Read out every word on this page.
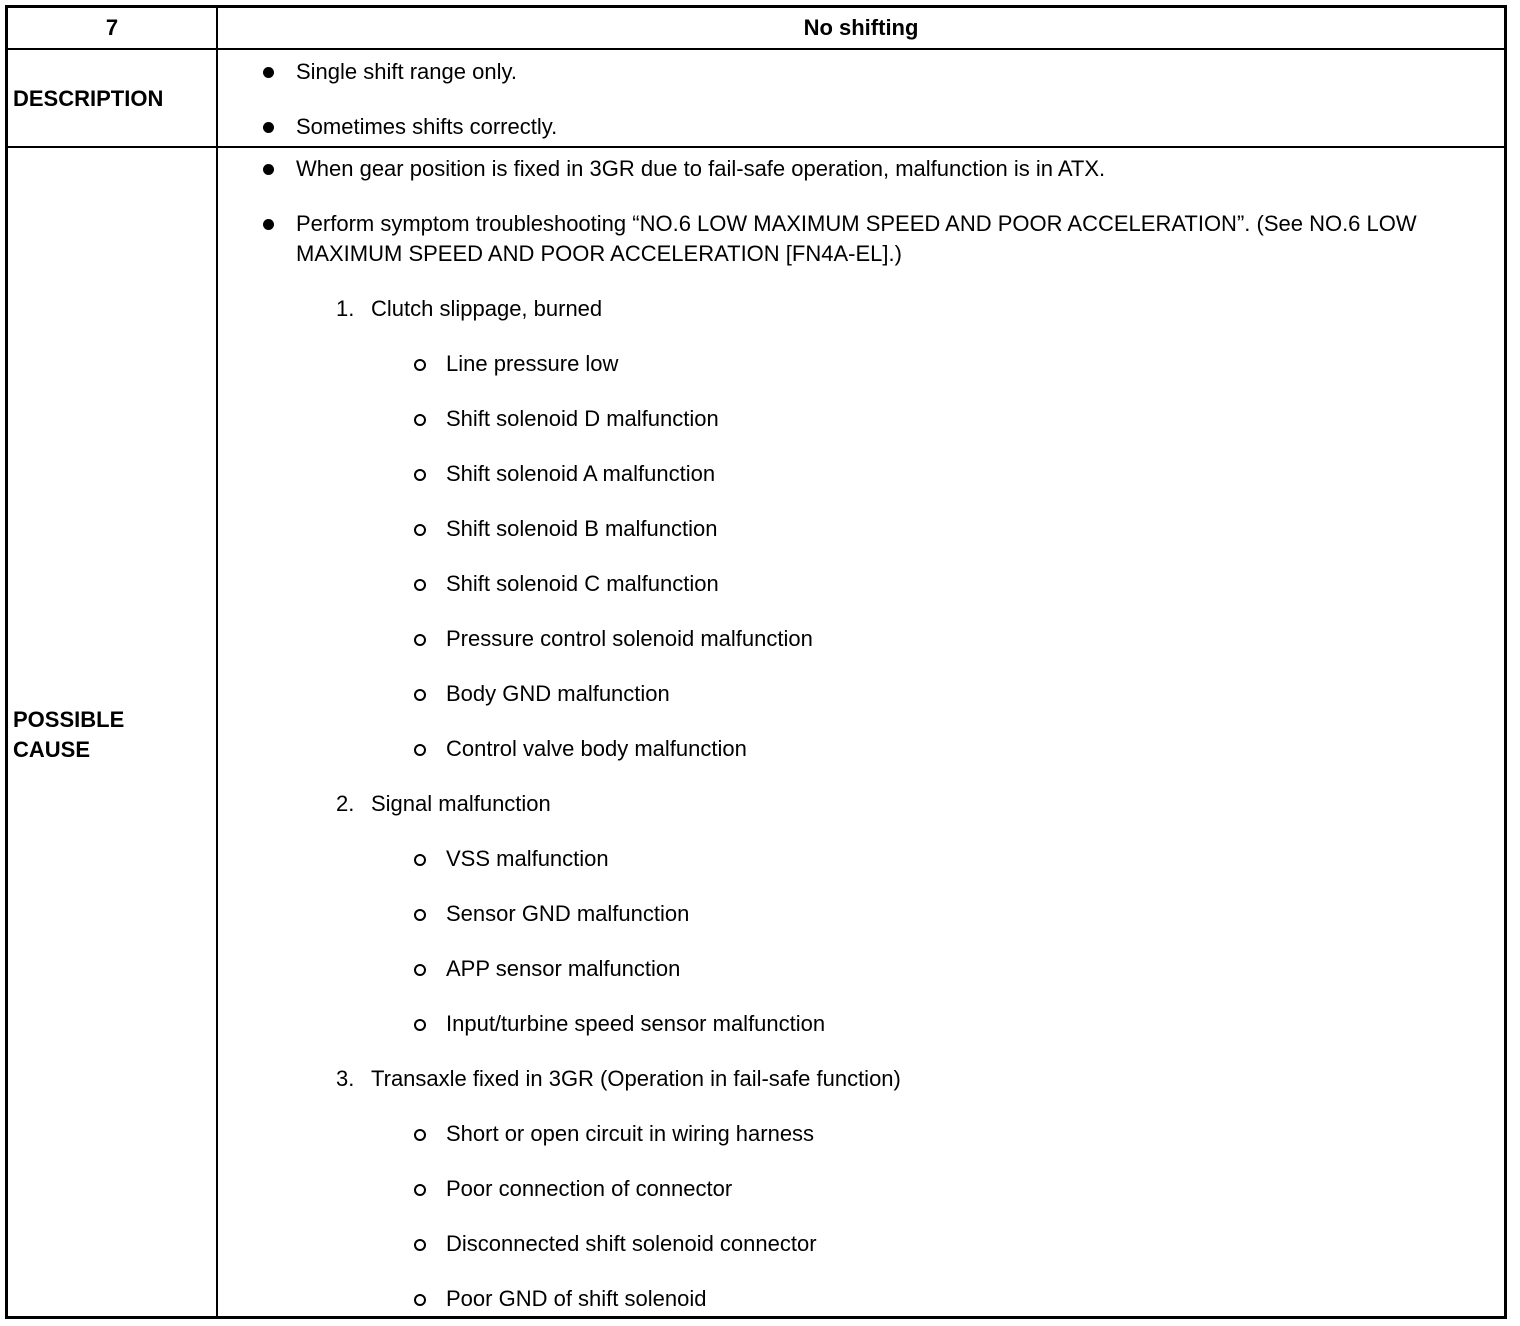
7	No shifting
DESCRIPTION
POSSIBLE CAUSE
Single shift range only.
Sometimes shifts correctly.
When gear position is fixed in 3GR due to fail-safe operation, malfunction is in ATX.
Perform symptom troubleshooting “NO.6 LOW MAXIMUM SPEED AND POOR ACCELERATION”. (See NO.6 LOW MAXIMUM SPEED AND POOR ACCELERATION [FN4A-EL].)
1. Clutch slippage, burned
Line pressure low
Shift solenoid D malfunction
Shift solenoid A malfunction
Shift solenoid B malfunction
Shift solenoid C malfunction
Pressure control solenoid malfunction
Body GND malfunction
Control valve body malfunction
2. Signal malfunction
VSS malfunction
Sensor GND malfunction
APP sensor malfunction
Input/turbine speed sensor malfunction
3. Transaxle fixed in 3GR (Operation in fail-safe function)
Short or open circuit in wiring harness
Poor connection of connector
Disconnected shift solenoid connector
Poor GND of shift solenoid
